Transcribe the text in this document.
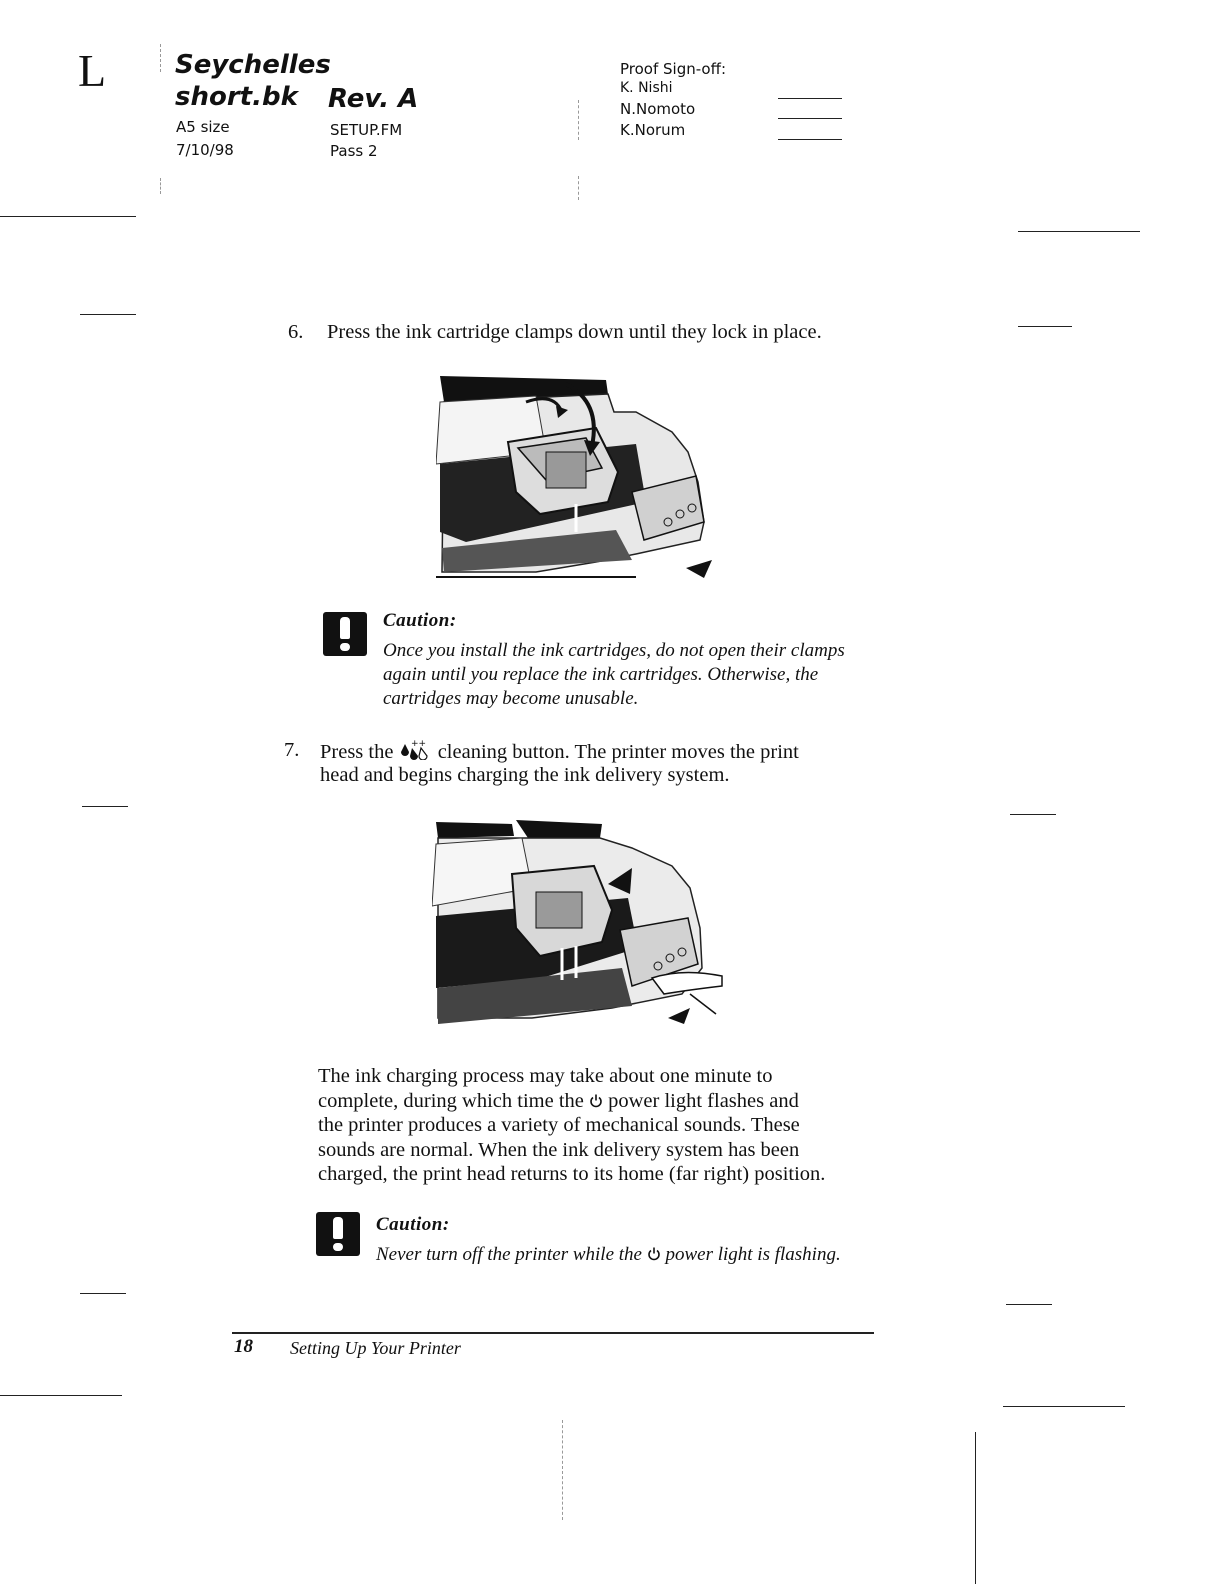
L	Seychelles
short.bk Rev. A
A5 size
7/10/98
SETUP.FM
Pass 2
Proof Sign-off:
K. Nishi
N.Nomoto
K.Norum
6. Press the ink cartridge clamps down until they lock in place.
Caution:
Once you install the ink cartridges, do not open their clamps
again until you replace the ink cartridges. Otherwise, the
cartridges may become unusable.
7. Press the ++ cleaning button. The printer moves the print
head and begins charging the ink delivery system.
The ink charging process may take about one minute to
complete, during which time the power light flashes and
the printer produces a variety of mechanical sounds. These
sounds are normal. When the ink delivery system has been
charged, the print head returns to its home (far right) position.
Caution:
Never turn off the printer while the power light is flashing.
18 Setting Up Your Printer
